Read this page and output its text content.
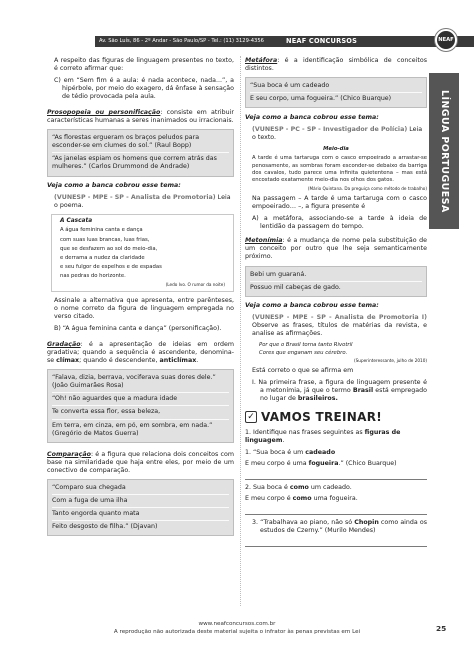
Av. São Luís, 86 - 2º Andar - São Paulo/SP - Tel.: (11) 3129-4356	NEAF CONCURSOS	NEAF
LÍNGUA PORTUGUESA

A respeito das figuras de linguagem presentes no texto, é correto afirmar que:

C) em “Sem fim é a aula: é nada acontece, nada...”, a hipérbole, por meio do exagero, dá ênfase à sensação de tédio provocada pela aula.

Prosopopeia ou personificação: consiste em atribuir características humanas a seres inanimados ou irracionais.

“As florestas ergueram os braços peludos para esconder-se em cíumes do sol.” (Raul Bopp)
“As janelas espiam os homens que correm atrás das mulheres.” (Carlos Drummond de Andrade)

Veja como a banca cobrou esse tema:

(VUNESP - MPE - SP - Analista de Promotoria) Leia o poema.

A Cascata
A água feminina canta e dança
com suas luas brancas, luas frias,
que se desfazem ao sol do meio-dia,
e derrama a nudez da claridade
e seu fulgor de espelhos e de espadas
nas pedras do horizonte.
(Ledo Ivo. O rumor da noite)

Assinale a alternativa que apresenta, entre parênteses, o nome correto da figura de linguagem empregada no verso citado.

B) “A água feminina canta e dança” (personificação).

Gradação: é a apresentação de ideias em ordem gradativa; quando a sequência é ascendente, denomina-se clímax; quando é descendente, anticlímax.

“Falava, dizia, berrava, vociferava suas dores dele.” (João Guimarães Rosa)
“Oh! não aguardes que a madura idade
Te converta essa flor, essa beleza,
Em terra, em cinza, em pó, em sombra, em nada.” (Gregório de Matos Guerra)

Comparação: é a figura que relaciona dois conceitos com base na similaridade que haja entre eles, por meio de um conectivo de comparação.

“Comparo sua chegada
Com a fuga de uma ilha
Tanto engorda quanto mata
Feito desgosto de filha.” (Djavan)

Metáfora: é a identificação simbólica de conceitos distintos.

“Sua boca é um cadeado
E seu corpo, uma fogueira.” (Chico Buarque)

Veja como a banca cobrou esse tema:

(VUNESP - PC - SP - Investigador de Polícia) Leia o texto.

Meio-dia

A tarde é uma tartaruga com o casco empoeirado a arrastar-se penosamente, as sombras foram esconder-se debaixo da barriga dos cavalos, tudo parece uma infinita quietentena – mas está encostado exatamente meio-dia nos olhos dos gatos.

(Mário Quintana. Da preguiça como método de trabalho)

Na passagem – A tarde é uma tartaruga com o casco empoeirado… –, a figura presente é

A) a metáfora, associando-se a tarde à ideia de lentidão da passagem do tempo.

Metonímia: é a mudança de nome pela substituição de um conceito por outro que lhe seja semanticamente próximo.

Bebi um guaraná.
Possuo mil cabeças de gado.

Veja como a banca cobrou esse tema:

(VUNESP - MPE - SP - Analista de Promotoria I) Observe as frases, títulos de matérias da revista, e analise as afirmações.

Por que o Brasil torna tanto Rivotril

Cores que enganam seu cérebro.

(Superinteressante, julho de 2010)

Está correto o que se afirma em

I. Na primeira frase, a figura de linguagem presente é a metonímia, já que o termo Brasil está empregado no lugar de brasileiros.

✓ VAMOS TREINAR!

1. Identifique nas frases seguintes as figuras de linguagem.

1. “Sua boca é um cadeado

E meu corpo é uma fogueira.” (Chico Buarque)

2. Sua boca é como um cadeado.

E meu corpo é como uma fogueira.

3. “Trabalhava ao piano, não só Chopin como ainda os estudos de Czerny.” (Murilo Mendes)

www.neafconcursos.com.br
A reprodução não autorizada deste material sujeita o infrator às penas previstas em Lei	25
